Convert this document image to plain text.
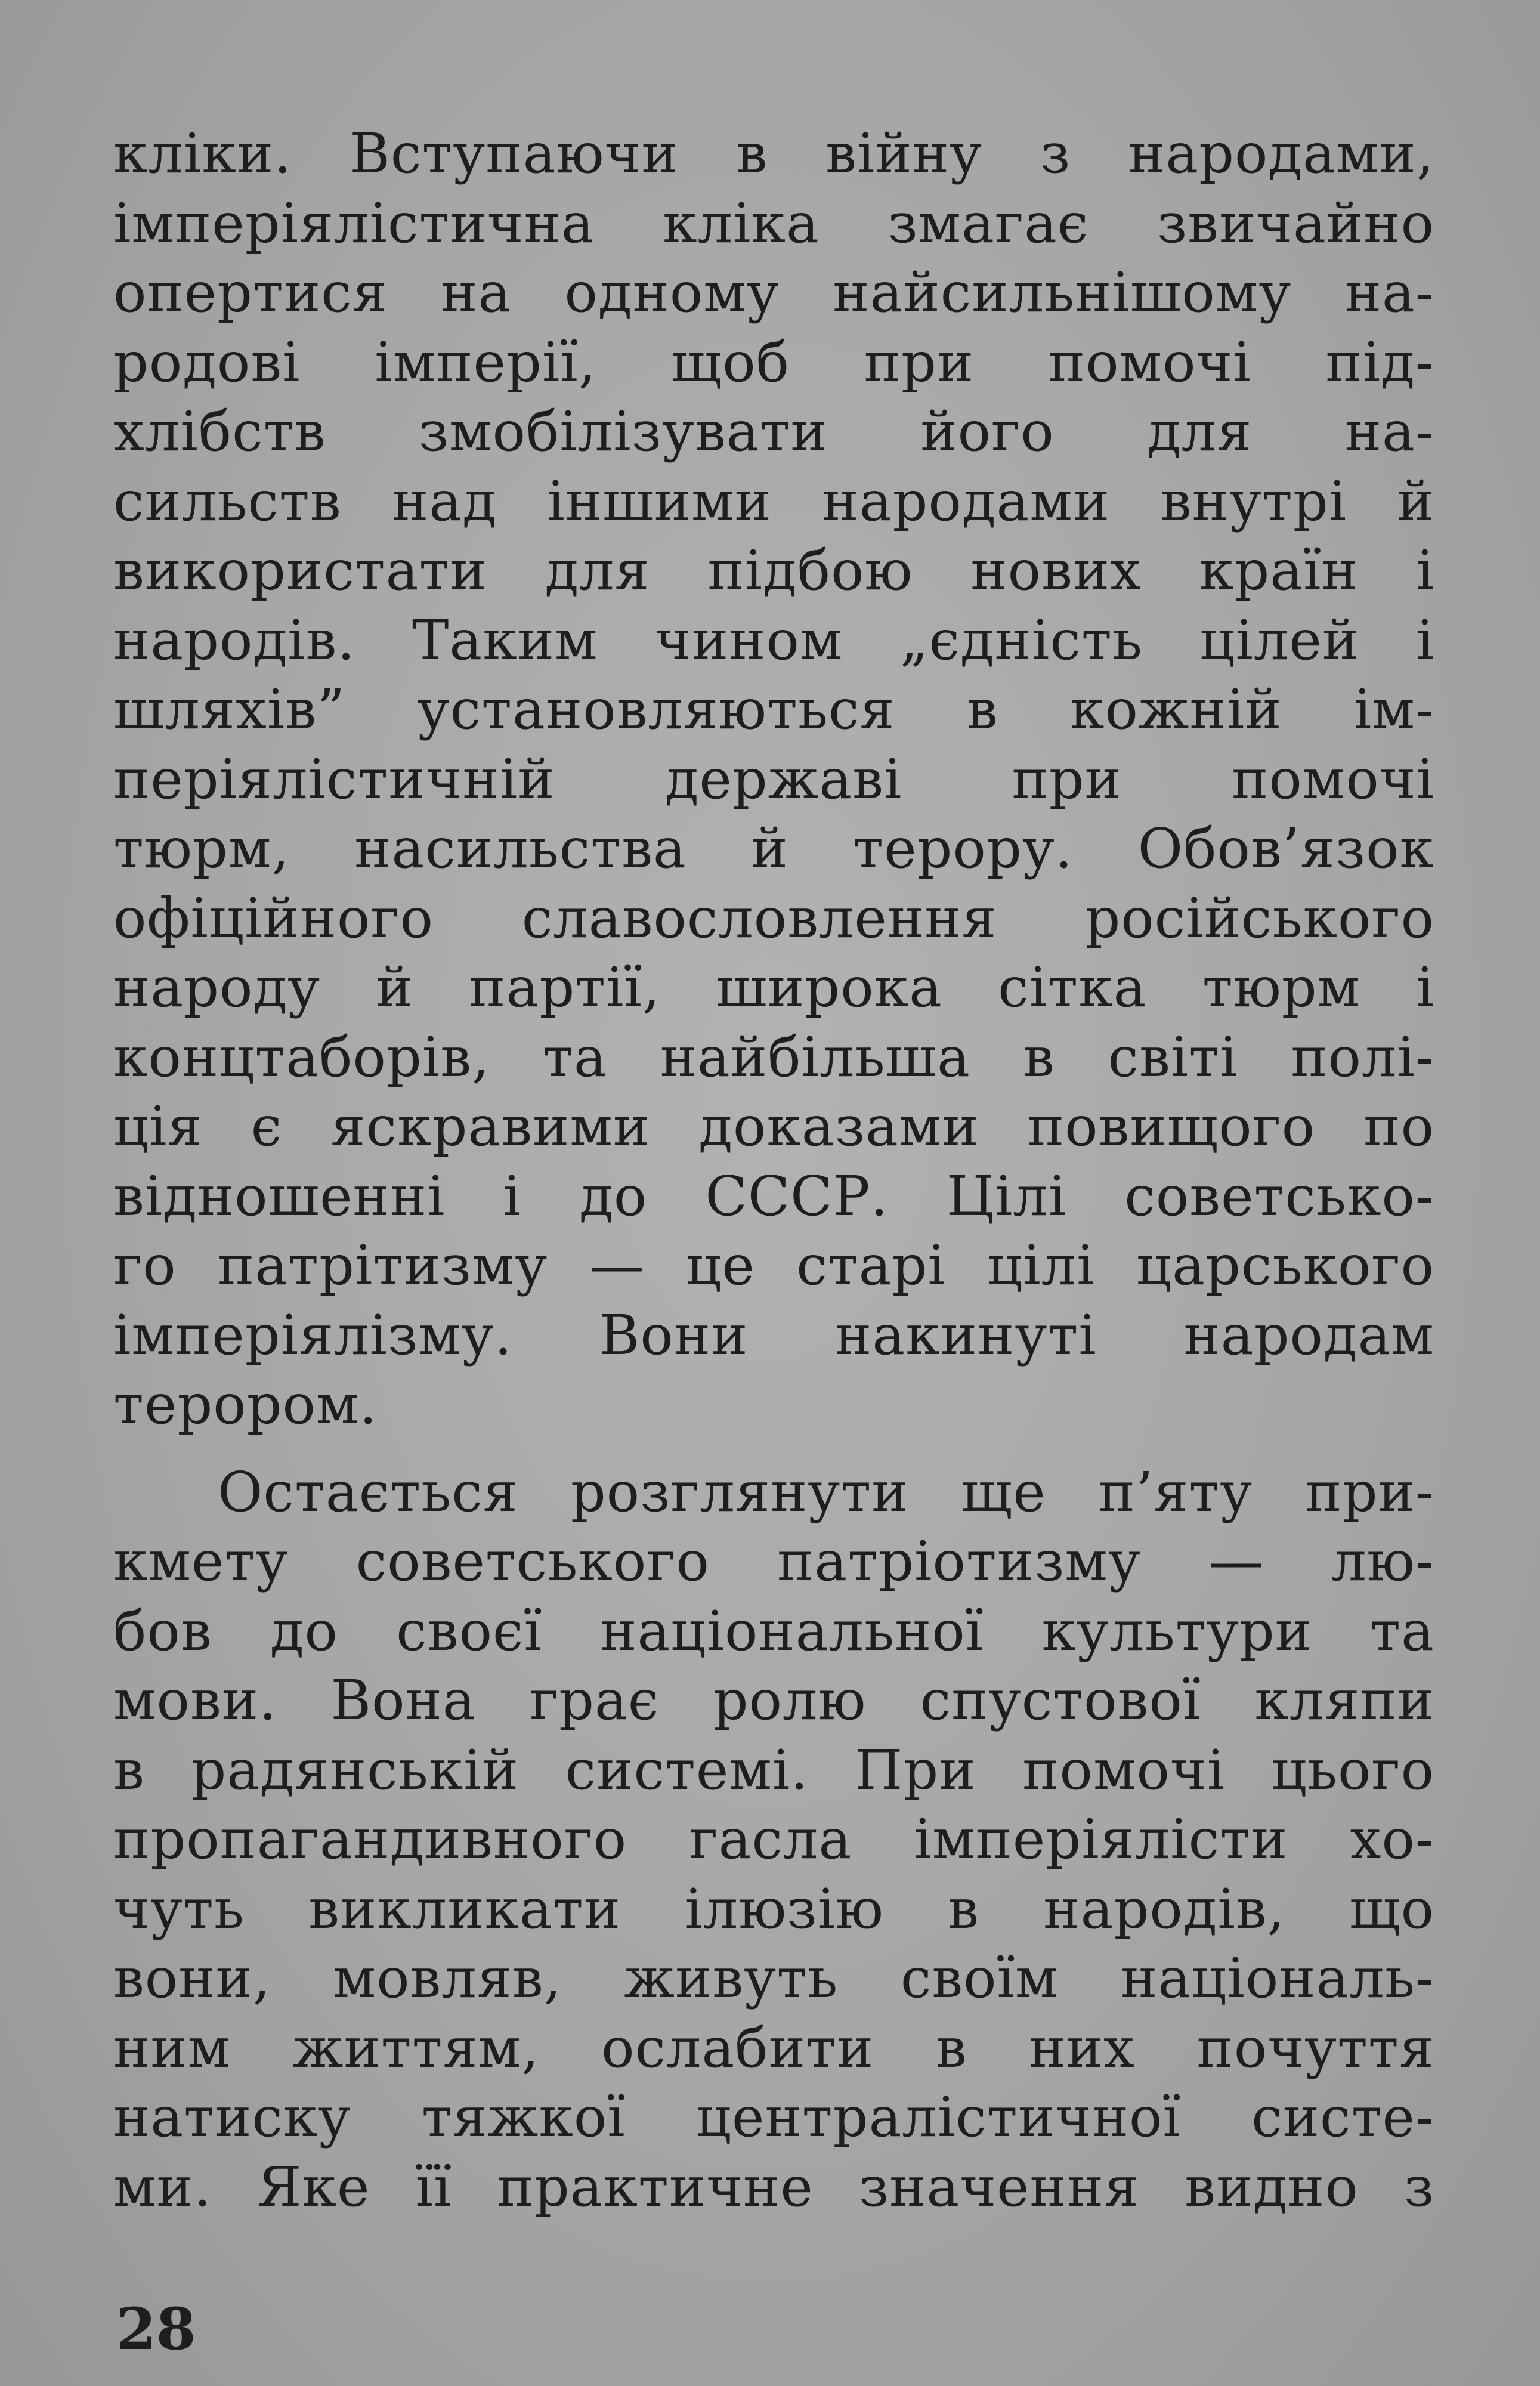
кліки. Вступаючи в війну з народами,
імперіялістична кліка змагає звичайно
опертися на одному найсильнішому на-
родові імперії, щоб при помочі під-
хлібств змобілізувати його для на-
сильств над іншими народами внутрі й
використати для підбою нових країн і
народів. Таким чином „єдність цілей і
шляхів” установляються в кожній ім-
періялістичній державі при помочі
тюрм, насильства й терору. Обов’язок
офіційного славословлення російського
народу й партії, широка сітка тюрм і
концтаборів, та найбільша в світі полі-
ція є яскравими доказами повищого по
відношенні і до СССР. Цілі советсько-
го патрітизму — це старі цілі царського
імперіялізму. Вони накинуті народам
терором.
Остається розглянути ще п’яту при-
кмету советського патріотизму — лю-
бов до своєї національної культури та
мови. Вона грає ролю спустової кляпи
в радянській системі. При помочі цього
пропагандивного гасла імперіялісти хо-
чуть викликати ілюзію в народів, що
вони, мовляв, живуть своїм національ-
ним життям, ослабити в них почуття
натиску тяжкої централістичної систе-
ми. Яке її практичне значення видно з
28
